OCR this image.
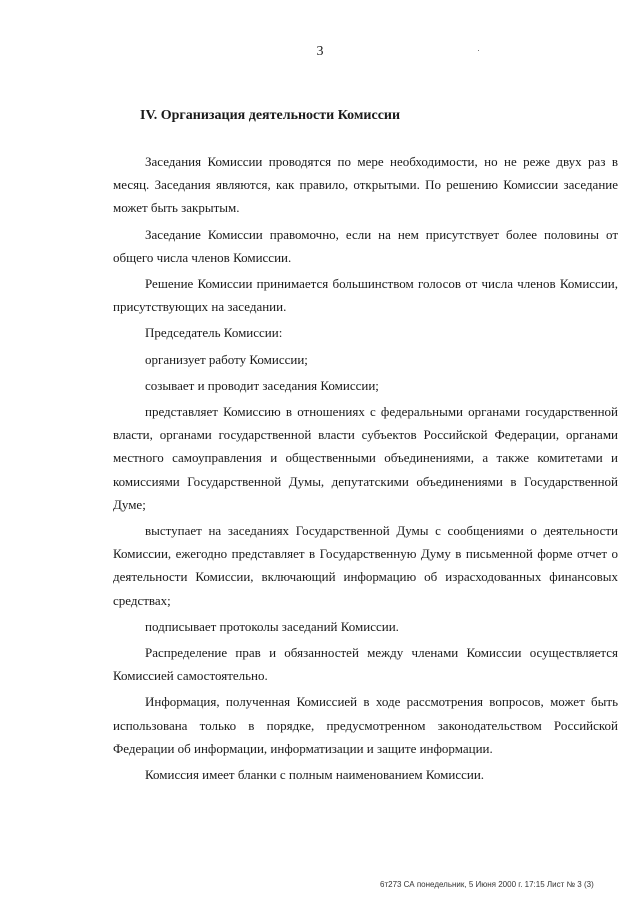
3
IV. Организация деятельности Комиссии

Заседания Комиссии проводятся по мере необходимости, но не реже двух раз в месяц. Заседания являются, как правило, открытыми. По решению Комиссии заседание может быть закрытым.

Заседание Комиссии правомочно, если на нем присутствует более половины от общего числа членов Комиссии.

Решение Комиссии принимается большинством голосов от числа членов Комиссии, присутствующих на заседании.

Председатель Комиссии:

организует работу Комиссии;

созывает и проводит заседания Комиссии;

представляет Комиссию в отношениях с федеральными органами государственной власти, органами государственной власти субъектов Российской Федерации, органами местного самоуправления и общественными объединениями, а также комитетами и комиссиями Государственной Думы, депутатскими объединениями в Государственной Думе;

выступает на заседаниях Государственной Думы с сообщениями о деятельности Комиссии, ежегодно представляет в Государственную Думу в письменной форме отчет о деятельности Комиссии, включающий информацию об израсходованных финансовых средствах;

подписывает протоколы заседаний Комиссии.

Распределение прав и обязанностей между членами Комиссии осуществляется Комиссией самостоятельно.

Информация, полученная Комиссией в ходе рассмотрения вопросов, может быть использована только в порядке, предусмотренном законодательством Российской Федерации об информации, информатизации и защите информации.

Комиссия имеет бланки с полным наименованием Комиссии.

6т273 СА понедельник, 5 Июня 2000 г. 17:15 Лист № 3 (3)
